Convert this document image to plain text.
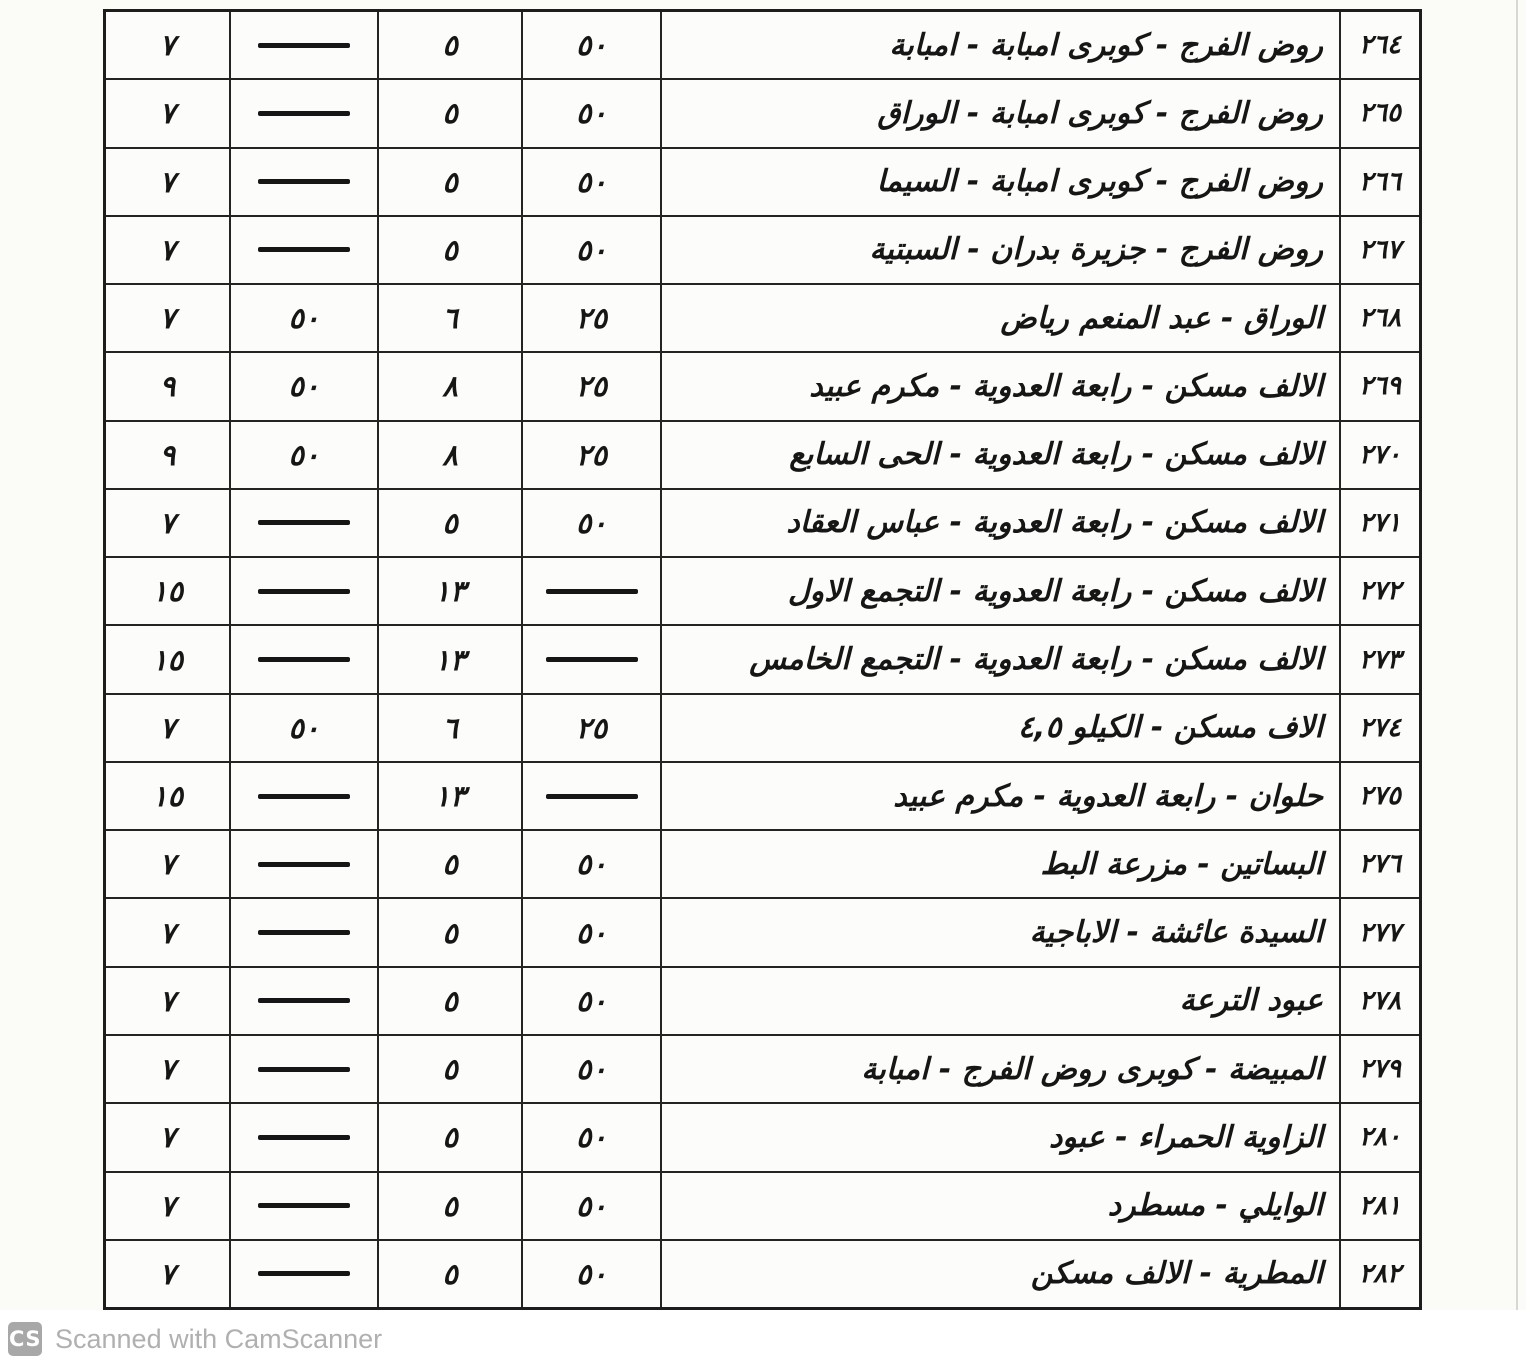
٢٦٤
روض الفرج - كوبرى امبابة - امبابة
٥٠
٥
٧
٢٦٥
روض الفرج - كوبرى امبابة - الوراق
٥٠
٥
٧
٢٦٦
روض الفرج - كوبرى امبابة - السيما
٥٠
٥
٧
٢٦٧
روض الفرج - جزيرة بدران - السبتية
٥٠
٥
٧
٢٦٨
الوراق - عبد المنعم رياض
٢٥
٦
٥٠
٧
٢٦٩
الالف مسكن - رابعة العدوية - مكرم عبيد
٢٥
٨
٥٠
٩
٢٧٠
الالف مسكن - رابعة العدوية - الحى السابع
٢٥
٨
٥٠
٩
٢٧١
الالف مسكن - رابعة العدوية - عباس العقاد
٥٠
٥
٧
٢٧٢
الالف مسكن - رابعة العدوية - التجمع الاول
١٣
١٥
٢٧٣
الالف مسكن - رابعة العدوية - التجمع الخامس
١٣
١٥
٢٧٤
الاف مسكن - الكيلو ٤,٥
٢٥
٦
٥٠
٧
٢٧٥
حلوان - رابعة العدوية - مكرم عبيد
١٣
١٥
٢٧٦
البساتين - مزرعة البط
٥٠
٥
٧
٢٧٧
السيدة عائشة - الاباجية
٥٠
٥
٧
٢٧٨
عبود الترعة
٥٠
٥
٧
٢٧٩
المبيضة - كوبرى روض الفرج - امبابة
٥٠
٥
٧
٢٨٠
الزاوية الحمراء - عبود
٥٠
٥
٧
٢٨١
الوايلي - مسطرد
٥٠
٥
٧
٢٨٢
المطرية - الالف مسكن
٥٠
٥
٧
CS Scanned with CamScanner
